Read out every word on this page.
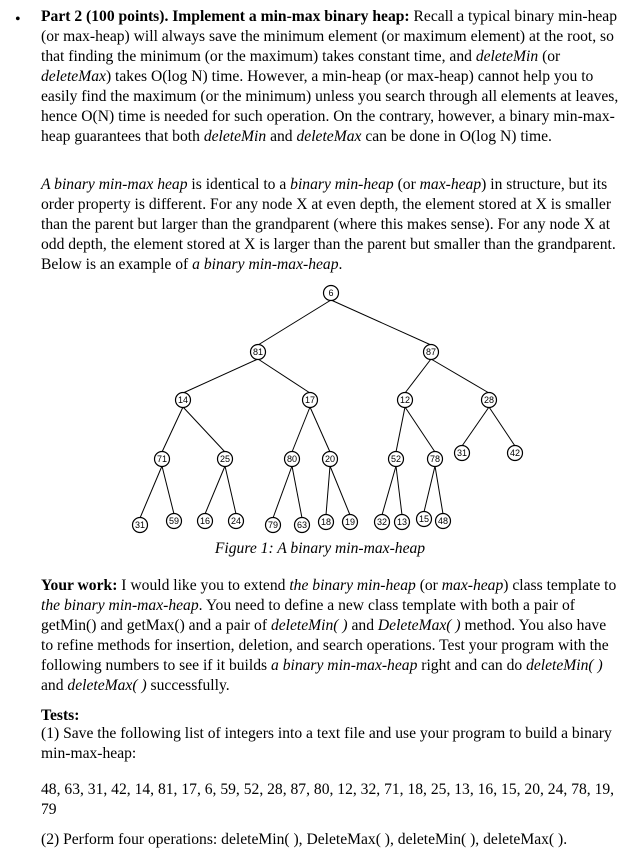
• Part 2 (100 points). Implement a min-max binary heap: Recall a typical binary min-heap (or max-heap) will always save the minimum element (or maximum element) at the root, so that finding the minimum (or the maximum) takes constant time, and deleteMin (or deleteMax) takes O(log N) time. However, a min-heap (or max-heap) cannot help you to easily find the maximum (or the minimum) unless you search through all elements at leaves, hence O(N) time is needed for such operation. On the contrary, however, a binary min-max-heap guarantees that both deleteMin and deleteMax can be done in O(log N) time.
A binary min-max heap is identical to a binary min-heap (or max-heap) in structure, but its order property is different. For any node X at even depth, the element stored at X is smaller than the parent but larger than the grandparent (where this makes sense). For any node X at odd depth, the element stored at X is larger than the parent but smaller than the grandparent. Below is an example of a binary min-max-heap.
6
81	87
14	17	12	28
71	25	80	20	52	78
31	42
31	59 16 24	79 63 18 19 32 13 15 48
Figure 1: A binary min-max-heap
Your work: I would like you to extend the binary min-heap (or max-heap) class template to the binary min-max-heap. You need to define a new class template with both a pair of getMin() and getMax() and a pair of deleteMin( ) and DeleteMax( ) method. You also have to refine methods for insertion, deletion, and search operations. Test your program with the following numbers to see if it builds a binary min-max-heap right and can do deleteMin( ) and deleteMax( ) successfully.
Tests:
(1) Save the following list of integers into a text file and use your program to build a binary min-max-heap:
48, 63, 31, 42, 14, 81, 17, 6, 59, 52, 28, 87, 80, 12, 32, 71, 18, 25, 13, 16, 15, 20, 24, 78, 19, 79
(2) Perform four operations: deleteMin( ), DeleteMax( ), deleteMin( ), deleteMax( ).
